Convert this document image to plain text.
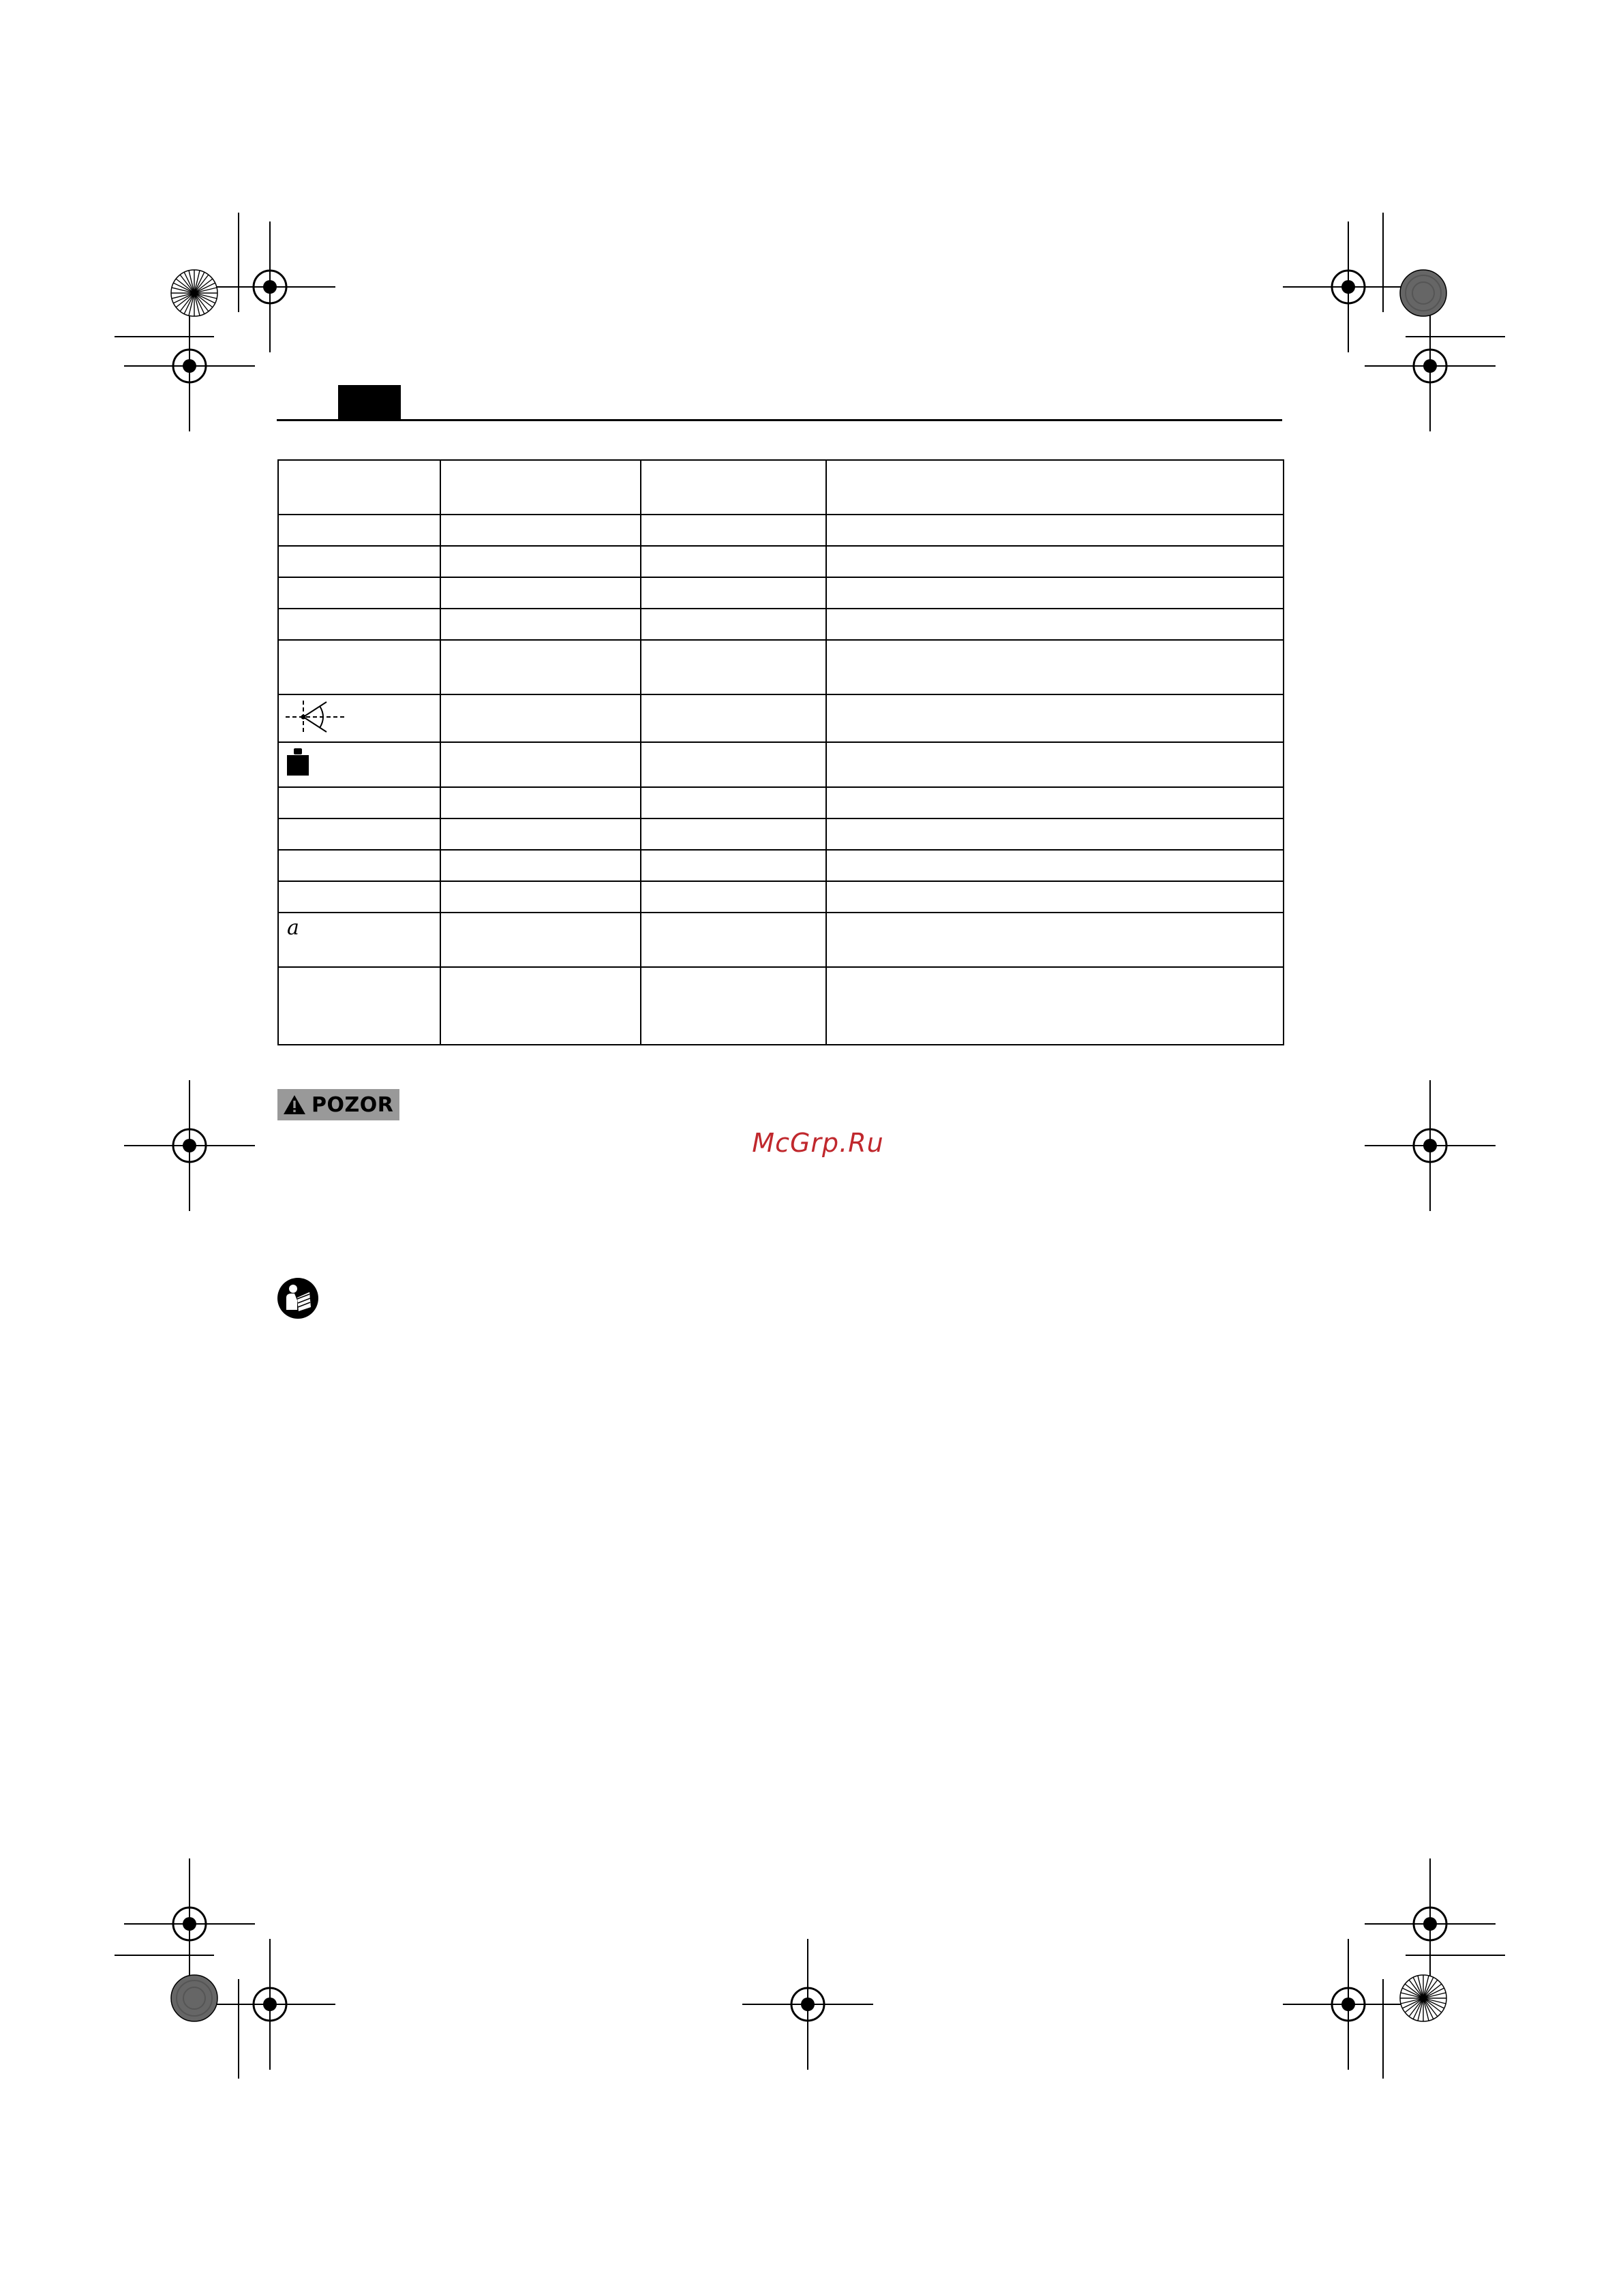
a			

POZOR
McGrp.Ru
